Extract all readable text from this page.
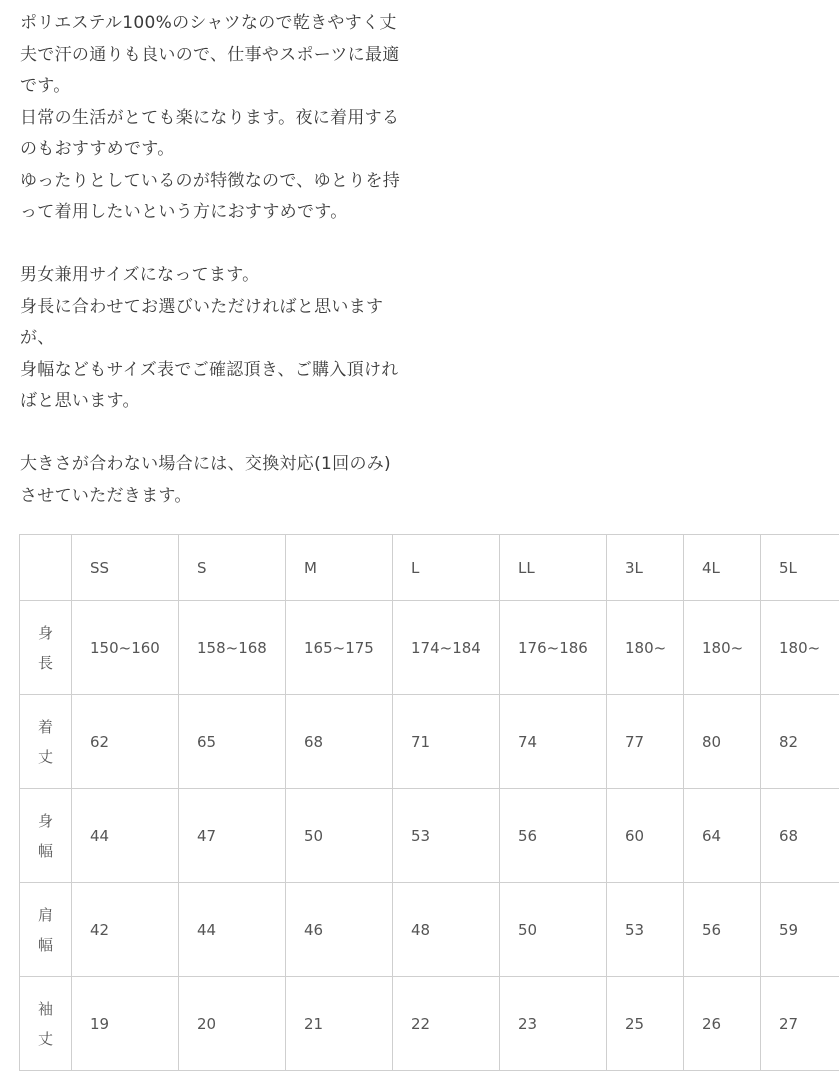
ポリエステル100%のシャツなので乾きやすく丈
夫で汗の通りも良いので、仕事やスポーツに最適
です。
日常の生活がとても楽になります。夜に着用する
のもおすすめです。
ゆったりとしているのが特徴なので、ゆとりを持
って着用したいという方におすすめです。
男女兼用サイズになってます。
身長に合わせてお選びいただければと思います
が、
身幅などもサイズ表でご確認頂き、ご購入頂けれ
ばと思います。
大きさが合わない場合には、交換対応(1回のみ)
させていただきます。
	SS	S	M	L	LL	3L	4L	5L

身
長	150~160	158~168	165~175	174~184	176~186	180~	180~	180~

着
丈	62	65	68	71	74	77	80	82

身
幅	44	47	50	53	56	60	64	68

肩
幅	42	44	46	48	50	53	56	59

袖
丈	19	20	21	22	23	25	26	27
